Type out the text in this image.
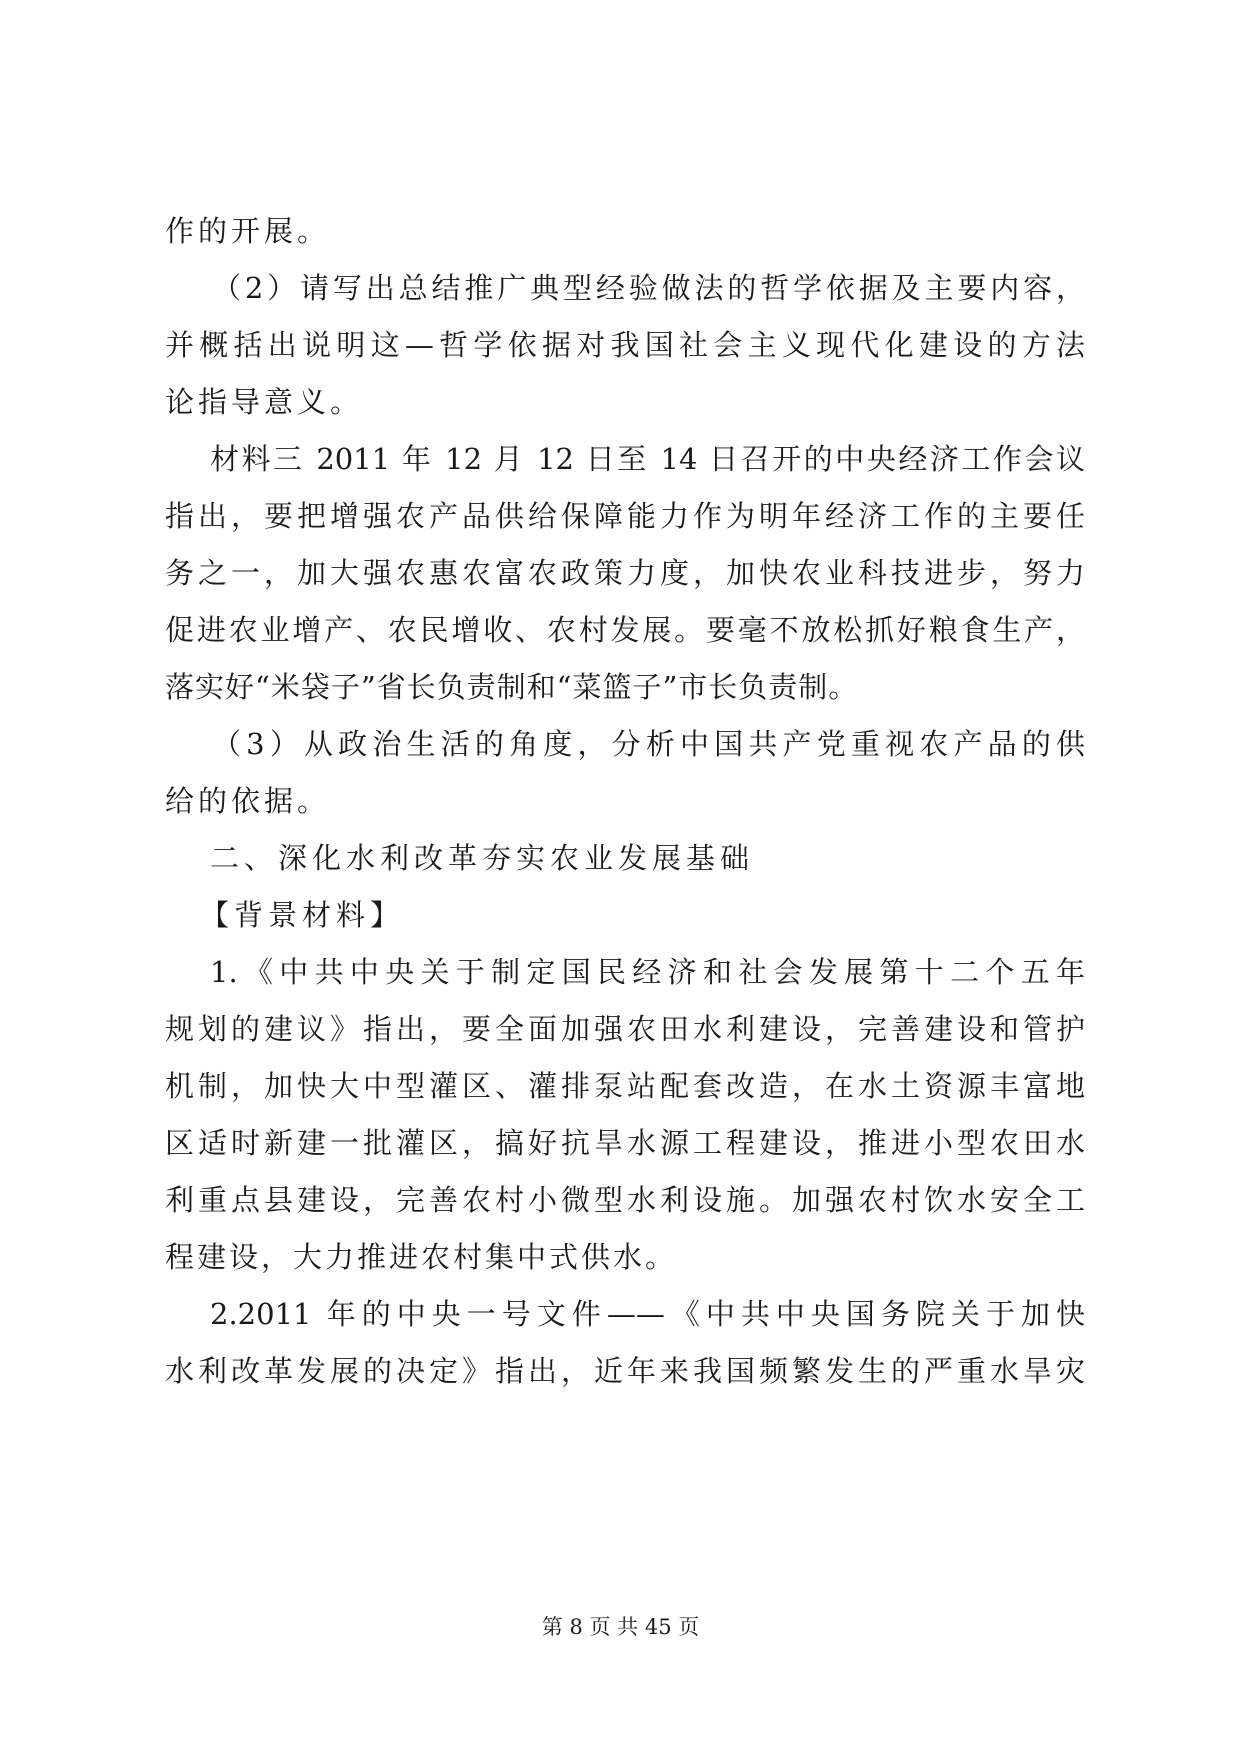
作的开展。
（2）请写出总结推广典型经验做法的哲学依据及主要内容，
并概括出说明这—哲学依据对我国社会主义现代化建设的方法
论指导意义。
材料三 2011 年 12 月 12 日至 14 日召开的中央经济工作会议
指出，要把增强农产品供给保障能力作为明年经济工作的主要任
务之一，加大强农惠农富农政策力度，加快农业科技进步，努力
促进农业增产、农民增收、农村发展。要毫不放松抓好粮食生产，
落实好“米袋子”省长负责制和“菜篮子”市长负责制。
（3）从政治生活的角度，分析中国共产党重视农产品的供
给的依据。
二、深化水利改革夯实农业发展基础
【背景材料】
1.《中共中央关于制定国民经济和社会发展第十二个五年
规划的建议》指出，要全面加强农田水利建设，完善建设和管护
机制，加快大中型灌区、灌排泵站配套改造，在水土资源丰富地
区适时新建一批灌区，搞好抗旱水源工程建设，推进小型农田水
利重点县建设，完善农村小微型水利设施。加强农村饮水安全工
程建设，大力推进农村集中式供水。
2.2011 年的中央一号文件——《中共中央国务院关于加快
水利改革发展的决定》指出，近年来我国频繁发生的严重水旱灾
第 8 页 共 45 页
